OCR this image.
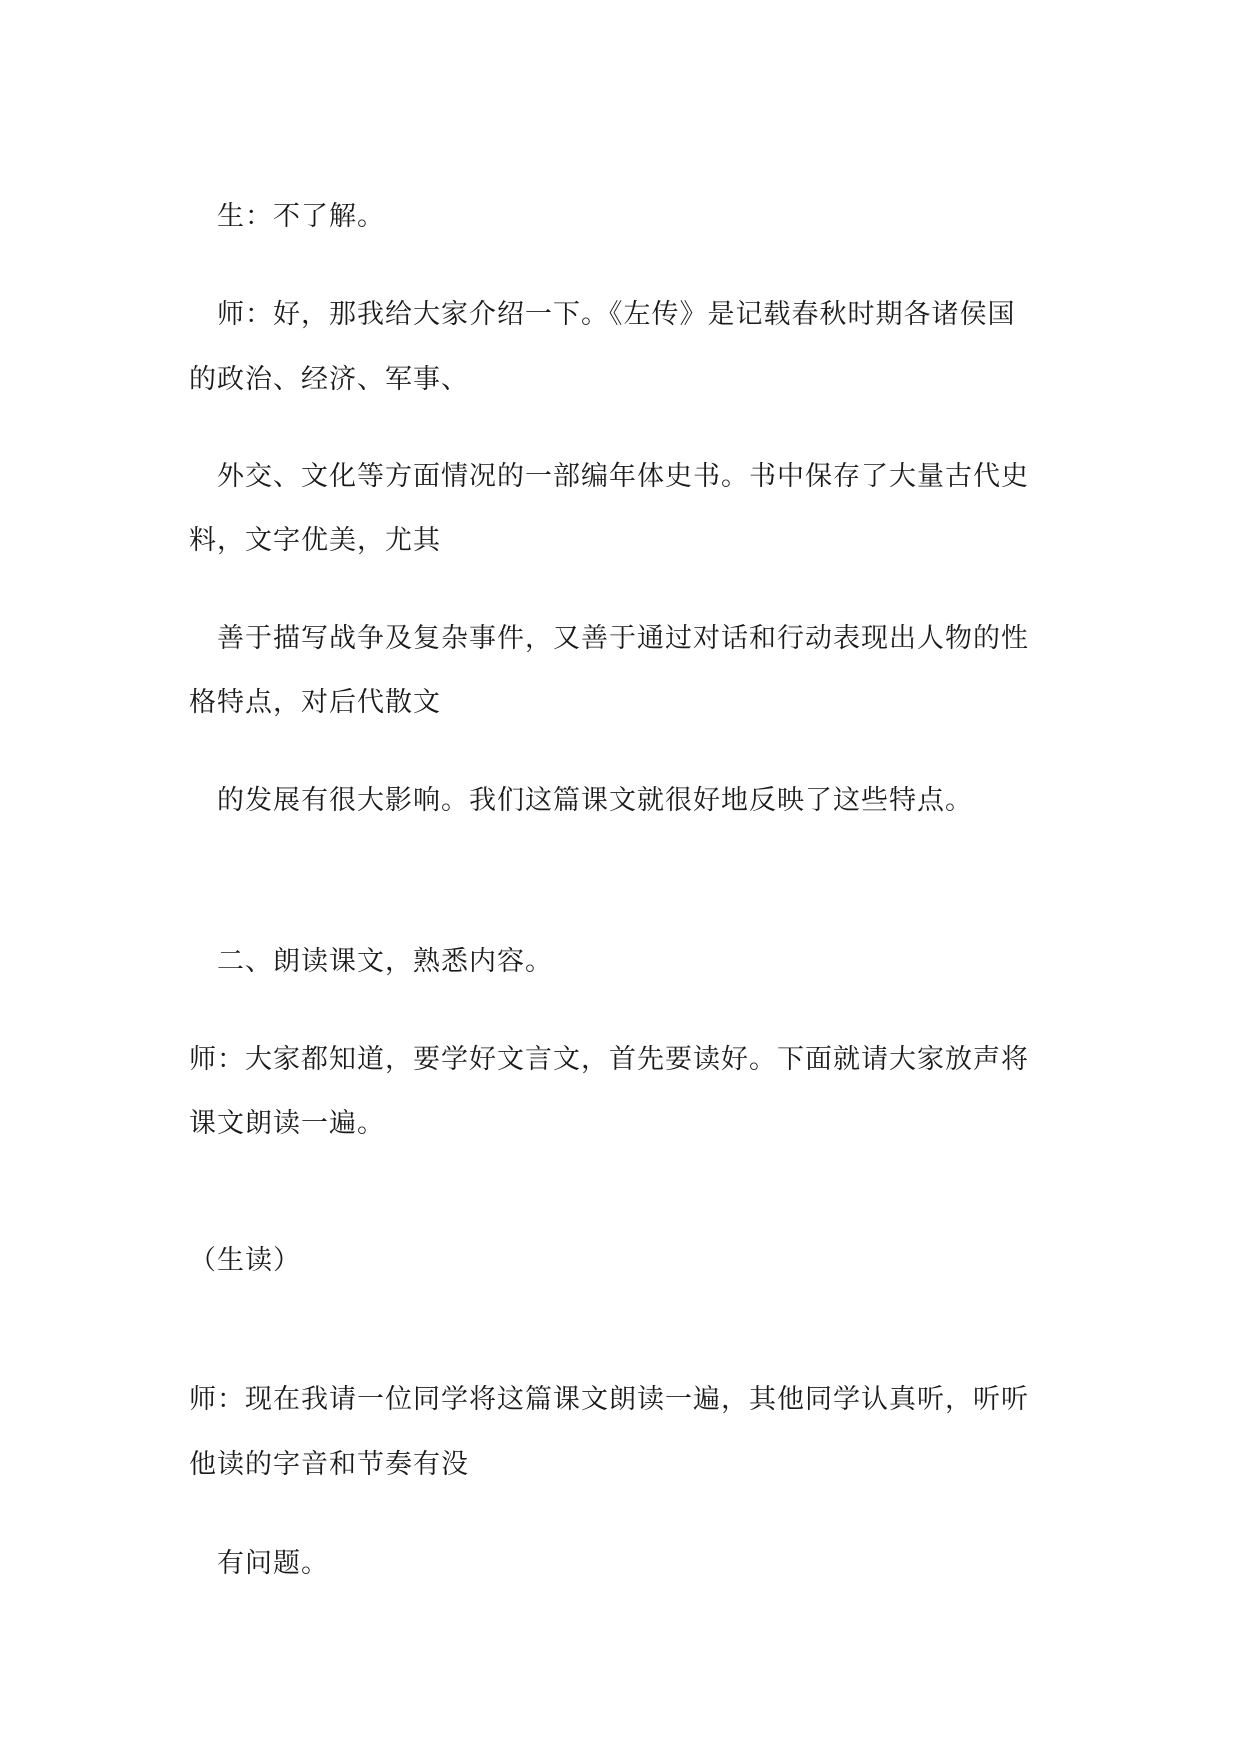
生：不了解。
师：好，那我给大家介绍一下。《左传》是记载春秋时期各诸侯国
的政治、经济、军事、
外交、文化等方面情况的一部编年体史书。书中保存了大量古代史
料，文字优美，尤其
善于描写战争及复杂事件，又善于通过对话和行动表现出人物的性
格特点，对后代散文
的发展有很大影响。我们这篇课文就很好地反映了这些特点。
二、朗读课文，熟悉内容。
师：大家都知道，要学好文言文，首先要读好。下面就请大家放声将
课文朗读一遍。
（生读）
师：现在我请一位同学将这篇课文朗读一遍，其他同学认真听，听听
他读的字音和节奏有没
有问题。
